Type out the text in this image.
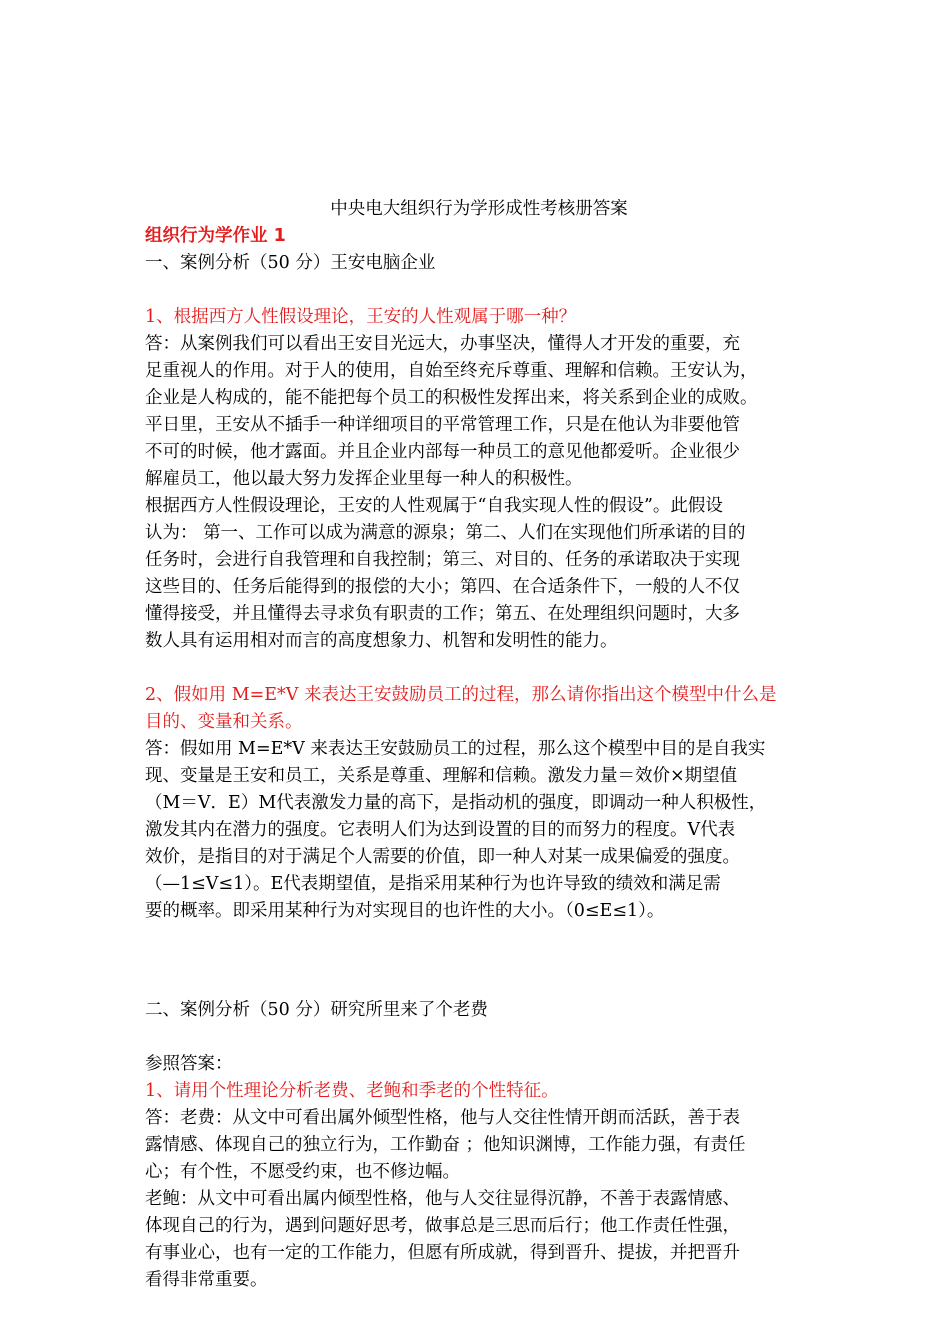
中央电大组织行为学形成性考核册答案
组织行为学作业 1
一、案例分析（50 分）王安电脑企业
1、根据西方人性假设理论，王安的人性观属于哪一种？
答：从案例我们可以看出王安目光远大，办事坚决，懂得人才开发的重要，充
足重视人的作用。对于人的使用，自始至终充斥尊重、理解和信赖。王安认为，
企业是人构成的，能不能把每个员工的积极性发挥出来，将关系到企业的成败。
平日里，王安从不插手一种详细项目的平常管理工作，只是在他认为非要他管
不可的时候，他才露面。并且企业内部每一种员工的意见他都爱听。企业很少
解雇员工，他以最大努力发挥企业里每一种人的积极性。
根据西方人性假设理论，王安的人性观属于“自我实现人性的假设”。此假设
认为： 第一、工作可以成为满意的源泉；第二、人们在实现他们所承诺的目的
任务时，会进行自我管理和自我控制；第三、对目的、任务的承诺取决于实现
这些目的、任务后能得到的报偿的大小；第四、在合适条件下，一般的人不仅
懂得接受，并且懂得去寻求负有职责的工作；第五、在处理组织问题时，大多
数人具有运用相对而言的高度想象力、机智和发明性的能力。
2、假如用 M=E*V 来表达王安鼓励员工的过程，那么请你指出这个模型中什么是
目的、变量和关系。
答：假如用 M=E*V 来表达王安鼓励员工的过程，那么这个模型中目的是自我实
现、变量是王安和员工，关系是尊重、理解和信赖。激发力量＝效价×期望值
（M＝V．E）M代表激发力量的高下，是指动机的强度，即调动一种人积极性，
激发其内在潜力的强度。它表明人们为达到设置的目的而努力的程度。V代表
效价，是指目的对于满足个人需要的价值，即一种人对某一成果偏爱的强度。
（—1≤V≤1）。E代表期望值，是指采用某种行为也许导致的绩效和满足需
要的概率。即采用某种行为对实现目的也许性的大小。（0≤E≤1）。
二、案例分析（50 分）研究所里来了个老费
参照答案：
1、请用个性理论分析老费、老鲍和季老的个性特征。
答：老费：从文中可看出属外倾型性格，他与人交往性情开朗而活跃，善于表
露情感、体现自己的独立行为，工作勤奋 ；他知识渊博，工作能力强，有责任
心；有个性，不愿受约束，也不修边幅。
老鲍：从文中可看出属内倾型性格，他与人交往显得沉静，不善于表露情感、
体现自己的行为，遇到问题好思考，做事总是三思而后行；他工作责任性强，
有事业心，也有一定的工作能力，但愿有所成就，得到晋升、提拔，并把晋升
看得非常重要。
